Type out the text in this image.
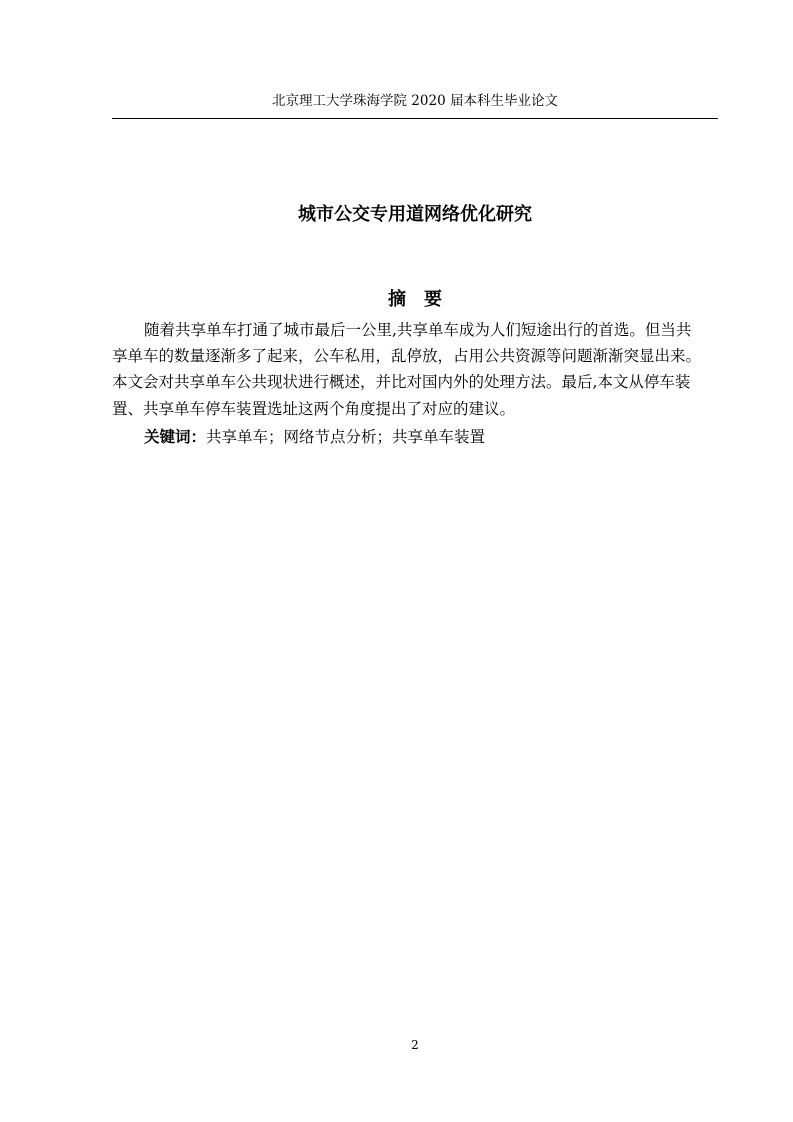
北京理工大学珠海学院 2020 届本科生毕业论文
城市公交专用道网络优化研究
摘要
随着共享单车打通了城市最后一公里,共享单车成为人们短途出行的首选。但当共
享单车的数量逐渐多了起来，公车私用，乱停放，占用公共资源等问题渐渐突显出来。
本文会对共享单车公共现状进行概述，并比对国内外的处理方法。最后,本文从停车装
置、共享单车停车装置选址这两个角度提出了对应的建议。
关键词：共享单车；网络节点分析；共享单车装置
2
